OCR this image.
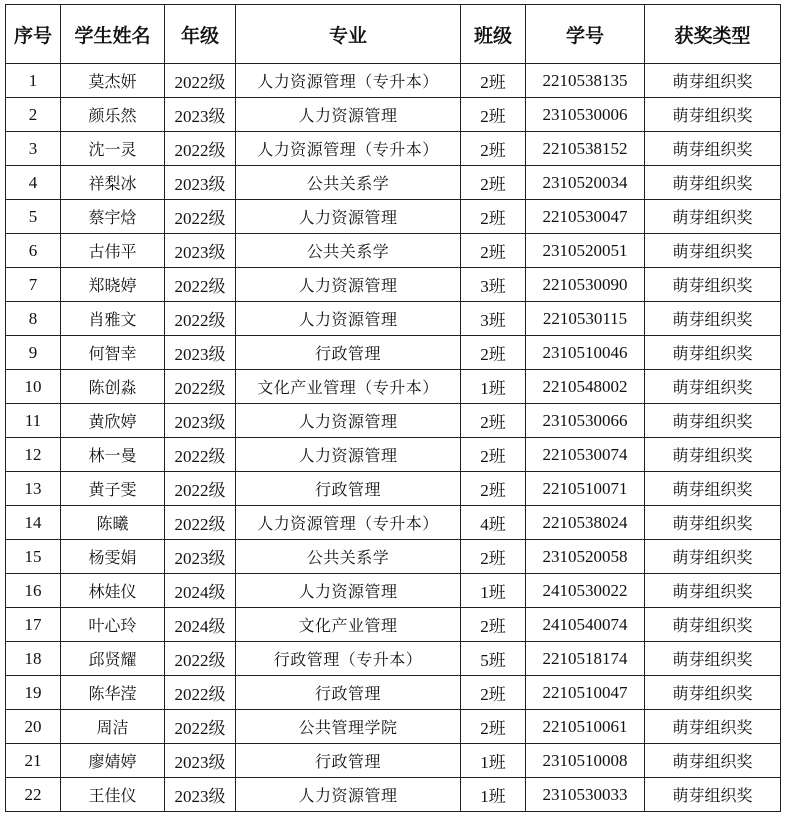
序号	学生姓名	年级	专业	班级	学号	获奖类型
1	莫杰妍	2022级	人力资源管理（专升本）	2班	2210538135	萌芽组织奖
2	颜乐然	2023级	人力资源管理	2班	2310530006	萌芽组织奖
3	沈一灵	2022级	人力资源管理（专升本）	2班	2210538152	萌芽组织奖
4	祥梨冰	2023级	公共关系学	2班	2310520034	萌芽组织奖
5	蔡宇焓	2022级	人力资源管理	2班	2210530047	萌芽组织奖
6	古伟平	2023级	公共关系学	2班	2310520051	萌芽组织奖
7	郑晓婷	2022级	人力资源管理	3班	2210530090	萌芽组织奖
8	肖雅文	2022级	人力资源管理	3班	2210530115	萌芽组织奖
9	何智幸	2023级	行政管理	2班	2310510046	萌芽组织奖
10	陈创淼	2022级	文化产业管理（专升本）	1班	2210548002	萌芽组织奖
11	黄欣婷	2023级	人力资源管理	2班	2310530066	萌芽组织奖
12	林一曼	2022级	人力资源管理	2班	2210530074	萌芽组织奖
13	黄子雯	2022级	行政管理	2班	2210510071	萌芽组织奖
14	陈曦	2022级	人力资源管理（专升本）	4班	2210538024	萌芽组织奖
15	杨雯娟	2023级	公共关系学	2班	2310520058	萌芽组织奖
16	林娃仪	2024级	人力资源管理	1班	2410530022	萌芽组织奖
17	叶心玲	2024级	文化产业管理	2班	2410540074	萌芽组织奖
18	邱贤耀	2022级	行政管理（专升本）	5班	2210518174	萌芽组织奖
19	陈华滢	2022级	行政管理	2班	2210510047	萌芽组织奖
20	周洁	2022级	公共管理学院	2班	2210510061	萌芽组织奖
21	廖婧婷	2023级	行政管理	1班	2310510008	萌芽组织奖
22	王佳仪	2023级	人力资源管理	1班	2310530033	萌芽组织奖
